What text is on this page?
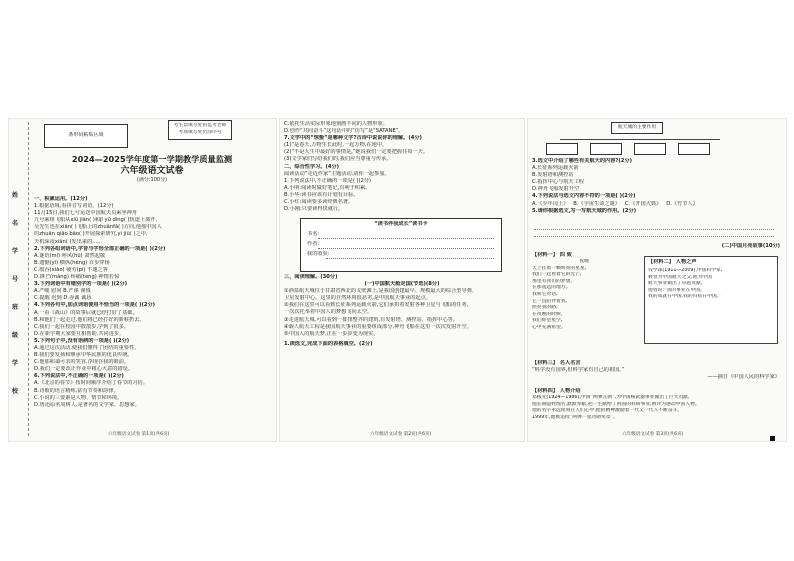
姓
名
学
号
班
级
学
校
条形码粘贴区域
考生禁填写处由监考老师
考场填写处仍涂序号
2024—2025学年度第一学期教学质量监测
六年级语文试卷
(满分:100分)
一、积累运用。(12分)
1.根据语境,看拼音写词语。(12分)
11月15日,我们七号运送中国航天员乘坐神舟
九号乘组飞船从xiū jiàn( )和jī yǔ dìng( )轨道上离开,
吴先生也在xiǎn( )飞船上的zhuǎnfǎ( )方向,他那中国人
的zhuǎn qiāo bǎo( )开展探索研究,yì jiǔ( )之中,
天机深夜xiǎn( )发出来的......
2.下列各组词语中,字音与字形全部正确的一项是( )(2分)
A.谜语(mí) 呼风(hū) 肃然起敬
B.遗憾(yí) 横纵(héng) 百步穿杨
C.缓吞(xiǎo) 疲劳(pí) 不速之客
D.锋芒(máng) 疼痛(téng) 神情若惊
3.下列词语中有错别字的一项是( )(2分)
A.严峻 慰问 B.严谨 谨慎
C.提醒 迟到 D.赤诚 诚恳
4.下列各句中,加点词语使用不恰当的一项是( )(2分)
A.一看《战山》的故事后就已经打好了基础。
B.和他们一起走过,他们将已经打好的新鞋扔去。
C.我们一起在校园中散散步,学到了很多。
D.在新学期大家要互相帮助,共同进步。
5.下列句子中,没有语病的一项是( )(2分)
A.通过这次活动,使我们懂得了团结的重要性。
B.我们要发扬和继承中华民族的优良传统。
C.他那和蔼可亲的笑容,浮现在我的眼前。
D.我们一定要改正作业中粗心大意的错误。
6.下列说法中,不正确的一项是( )(2分)
A.《北京的春节》按时间顺序介绍了春节的习俗。
B.诗歌的语言精练,富有节奏和韵律。
C.小说的三要素是人物、情节和环境。
D.鲁迅原名周树人,是著名的文学家、思想家。
六年级语文试卷 第1页(共6页)
C.依托生活实际形象地刻画不同的人物形象。
D.创作“共同奋斗”这句话中的“仿写”是“SATANE”。
7.文学中的“惊蛰”是哪种文字?古诗中说说你的理解。(4分)
(1)“是春天,万物生长此时,一起万物,在地中。
(2)“不是人生中最好的事情是,”她说我们一定要把握住每一天。
(3)文学家们写给我们的,我们应当尊重与传承。
二、综合性学习。(4分)
阅读活动“走近作家”主题活动,请你一起参加。
1.下列说法中,不正确的一项是( )(2分)
A.小明:阅读时做好笔记,有利于积累。
B.小华:读书应该有计划有目标。
C.小红:阅读要多读经典名著。
D.小刚:只要读得快就行。
“读书伴我成长”读书卡
书名:
作者:
我的收获:
三、阅读理解。(30分)
(一)中国航天舱走国(节选)(8分)
①酒泉航天城位于甘肃省西北的戈壁滩上,是我国创建最早、规模最大的综合型导弹、
卫星发射中心。这里的自然环境很恶劣,是中国航天事业的起点。
②我们在这里可以看到长征系列运载火箭,它们承担着发射各种卫星与飞船的任务,
一次次托举着中国人的梦想飞向太空。
③走进航天城,可以看到一排排整齐的建筑,有发射塔、测控站、指挥中心等。
④载人航天工程是我国航天事业的重要组成部分,神舟飞船在这里一次次发射升空。
⑤中国人的航天梦,正在一步步变为现实。
1.读选文,完成下面的表格填空。(2分)
六年级语文试卷 第2页(共6页)
航天城的主要作用
3.选文中介绍了哪些有关航天的内容?(2分)
A.长征系列运载火箭
B.发射塔和测控站
C.指挥中心与航天工程
D.神舟飞船发射升空
4.下列说法与选文内容不符的一项是( )(2分)
A.《少年闰土》 B.《宇宙生命之谜》 C.《开国大典》 D.《竹节人》
5.请你根据选文,写一写航天城的作用。(2分)
(二)中国月亮故事(10分)
【材料一】 四 致
夜晚
天上挂着一颗明亮的星星,
我们一起看着它的光芒,
那里有我们的梦想,
在那遥远的地方。
我和它对话,
它一直陪伴着我,
照亮我的路。
在夜晚的时候,
我们仰望星空,
心中充满希望。
【材料二】 人物之声
钱学森(1911—2009),中国科学家,
被誉为中国航天之父,他为中国
航天事业做出了卓越贡献。
他曾说:“我的事业在中国,
我的成就在中国,我的归宿在中国。”
【材料三】 名人名言
“科学没有国界,但科学家有自己的祖国。”
——摘自《中国人民的科学家》
【材料四】 人物介绍
邓稼先(1924—1986),中国“两弹元勋”,为中国核武器事业做出了巨大贡献,
他长期隐姓埋名,默默奉献,把一生献给了祖国的科研事业,被评为感动中国人物。
他的名字永远铭刻在人们心中,他的精神激励着一代又一代人不断奋斗。
1999年,他被追授“两弹一星功勋奖章”。
六年级语文试卷 第3页(共6页)
